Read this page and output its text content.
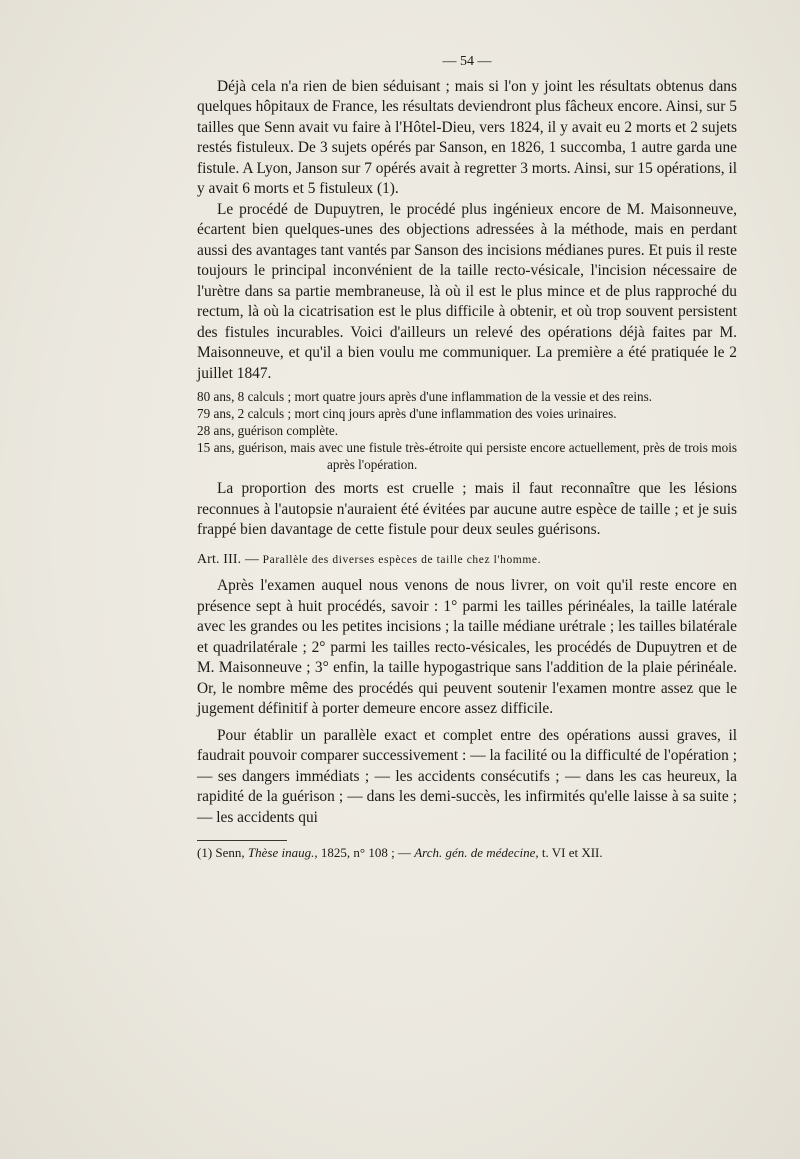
— 54 —

Déjà cela n'a rien de bien séduisant ; mais si l'on y joint les résultats obtenus dans quelques hôpitaux de France, les résultats deviendront plus fâcheux encore. Ainsi, sur 5 tailles que Senn avait vu faire à l'Hôtel-Dieu, vers 1824, il y avait eu 2 morts et 2 sujets restés fistuleux. De 3 sujets opérés par Sanson, en 1826, 1 succomba, 1 autre garda une fistule. A Lyon, Janson sur 7 opérés avait à regretter 3 morts. Ainsi, sur 15 opérations, il y avait 6 morts et 5 fistuleux (1).

Le procédé de Dupuytren, le procédé plus ingénieux encore de M. Maisonneuve, écartent bien quelques-unes des objections adressées à la méthode, mais en perdant aussi des avantages tant vantés par Sanson des incisions médianes pures. Et puis il reste toujours le principal inconvénient de la taille recto-vésicale, l'incision nécessaire de l'urètre dans sa partie membraneuse, là où il est le plus mince et de plus rapproché du rectum, là où la cicatrisation est le plus difficile à obtenir, et où trop souvent persistent des fistules incurables. Voici d'ailleurs un relevé des opérations déjà faites par M. Maisonneuve, et qu'il a bien voulu me communiquer. La première a été pratiquée le 2 juillet 1847.

80 ans, 8 calculs ; mort quatre jours après d'une inflammation de la vessie et des reins.
79 ans, 2 calculs ; mort cinq jours après d'une inflammation des voies urinaires.
28 ans, guérison complète.
15 ans, guérison, mais avec une fistule très-étroite qui persiste encore actuellement, près de trois mois après l'opération.

La proportion des morts est cruelle ; mais il faut reconnaître que les lésions reconnues à l'autopsie n'auraient été évitées par aucune autre espèce de taille ; et je suis frappé bien davantage de cette fistule pour deux seules guérisons.

Art. III. — Parallèle des diverses espèces de taille chez l'homme.

Après l'examen auquel nous venons de nous livrer, on voit qu'il reste encore en présence sept à huit procédés, savoir : 1° parmi les tailles périnéales, la taille latérale avec les grandes ou les petites incisions ; la taille médiane urétrale ; les tailles bilatérale et quadrilatérale ; 2° parmi les tailles recto-vésicales, les procédés de Dupuytren et de M. Maisonneuve ; 3° enfin, la taille hypogastrique sans l'addition de la plaie périnéale. Or, le nombre même des procédés qui peuvent soutenir l'examen montre assez que le jugement définitif à porter demeure encore assez difficile.

Pour établir un parallèle exact et complet entre des opérations aussi graves, il faudrait pouvoir comparer successivement : — la facilité ou la difficulté de l'opération ; — ses dangers immédiats ; — les accidents consécutifs ; — dans les cas heureux, la rapidité de la guérison ; — dans les demi-succès, les infirmités qu'elle laisse à sa suite ; — les accidents qui

(1) Senn, Thèse inaug., 1825, n° 108 ; — Arch. gén. de médecine, t. VI et XII.
